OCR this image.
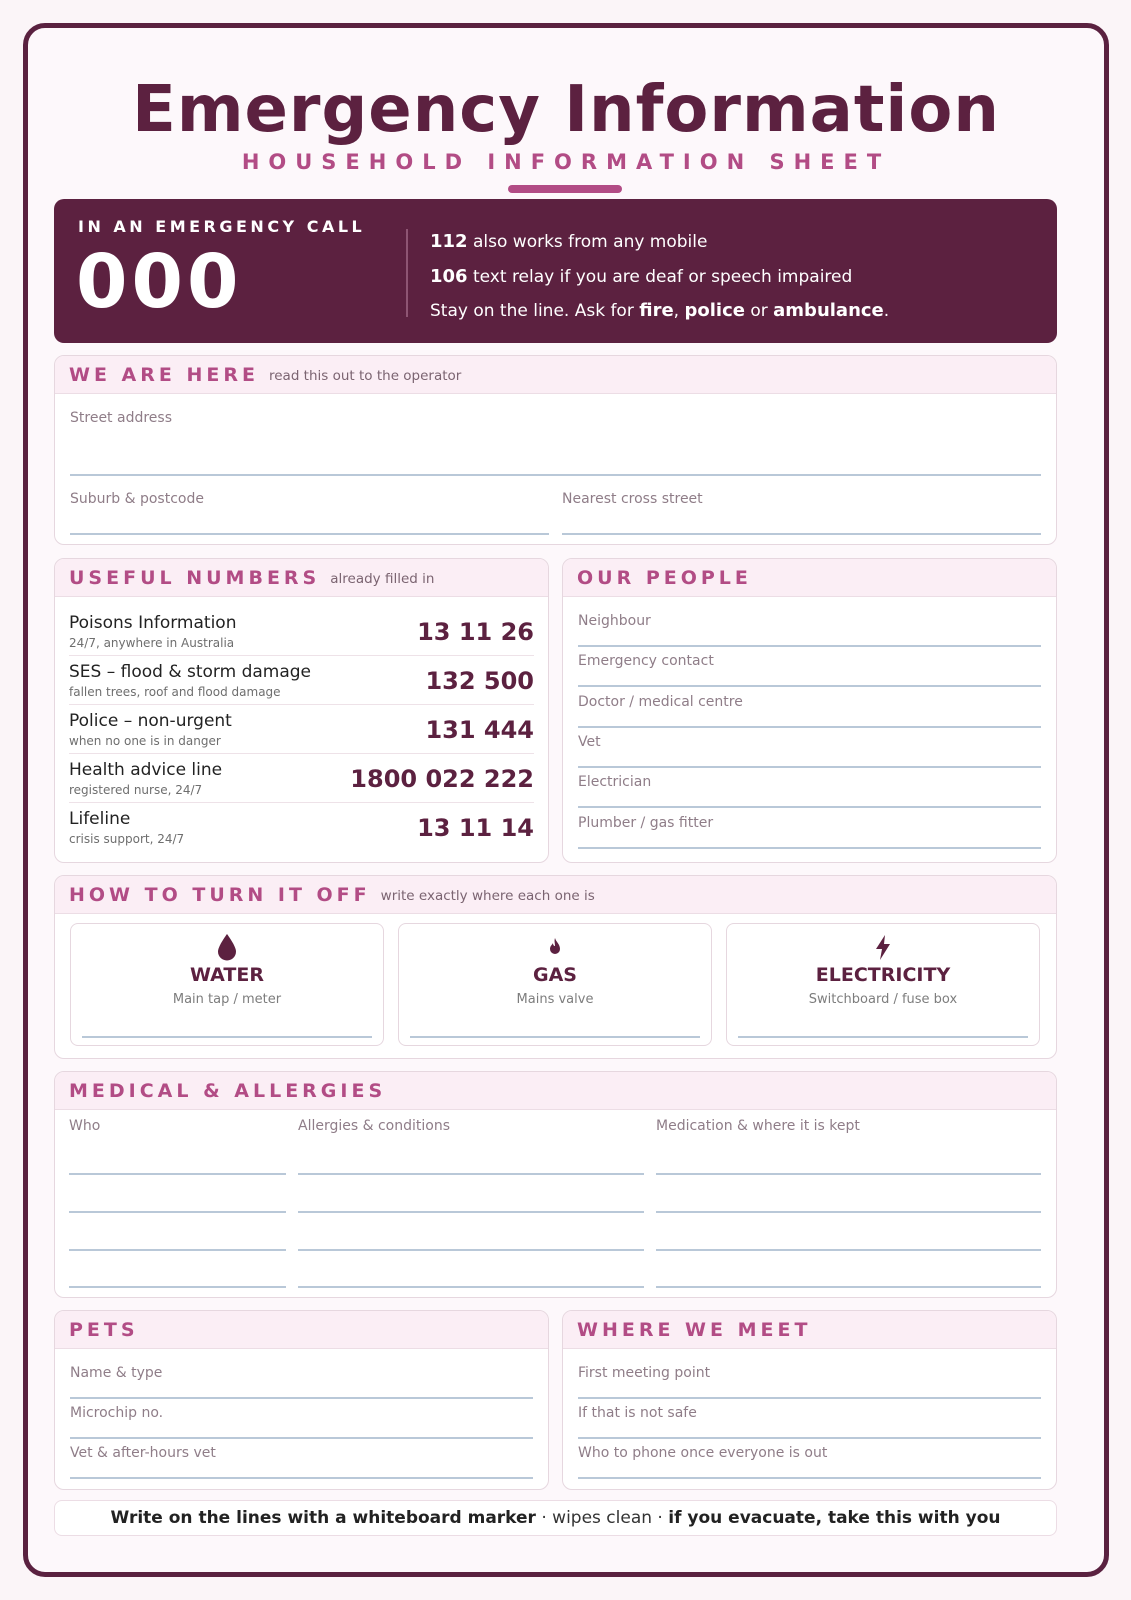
Emergency Information
HOUSEHOLD INFORMATION SHEET
IN AN EMERGENCY CALL
000	112 also works from any mobile
106 text relay if you are deaf or speech impaired
Stay on the line. Ask for fire, police or ambulance.
WE ARE HERE read this out to the operator
Street address
Suburb & postcode	Nearest cross street
USEFUL NUMBERS already filled in
Poisons Information
24/7, anywhere in Australia	13 11 26
SES – flood & storm damage
fallen trees, roof and flood damage	132 500
Police – non-urgent
when no one is in danger	131 444
Health advice line
registered nurse, 24/7	1800 022 222
Lifeline
crisis support, 24/7	13 11 14
OUR PEOPLE
Neighbour
Emergency contact
Doctor / medical centre
Vet
Electrician
Plumber / gas fitter
HOW TO TURN IT OFF write exactly where each one is
WATER
Main tap / meter
GAS
Mains valve
ELECTRICITY
Switchboard / fuse box
MEDICAL & ALLERGIES
Who	Allergies & conditions	Medication & where it is kept
PETS
Name & type
Microchip no.
Vet & after-hours vet
WHERE WE MEET
First meeting point
If that is not safe
Who to phone once everyone is out
Write on the lines with a whiteboard marker · wipes clean · if you evacuate, take this with you
